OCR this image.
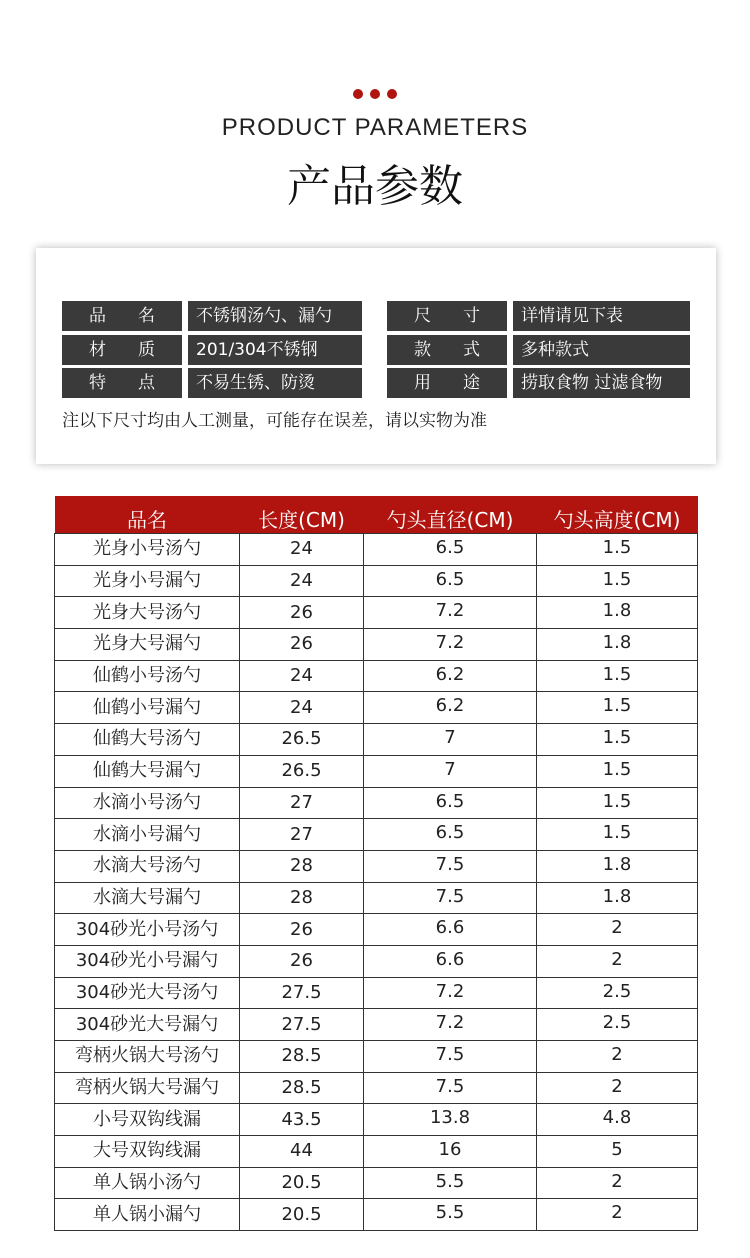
PRODUCT PARAMETERS
产品参数
品 名	不锈钢汤勺、漏勺	尺 寸	详情请见下表
材 质	201/304不锈钢	款 式	多种款式
特 点	不易生锈、防烫	用 途	捞取食物 过滤食物
注以下尺寸均由人工测量，可能存在误差，请以实物为准
品名	长度(CM)	勺头直径(CM)	勺头高度(CM)
光身小号汤勺	24	6.5	1.5
光身小号漏勺	24	6.5	1.5
光身大号汤勺	26	7.2	1.8
光身大号漏勺	26	7.2	1.8
仙鹤小号汤勺	24	6.2	1.5
仙鹤小号漏勺	24	6.2	1.5
仙鹤大号汤勺	26.5	7	1.5
仙鹤大号漏勺	26.5	7	1.5
水滴小号汤勺	27	6.5	1.5
水滴小号漏勺	27	6.5	1.5
水滴大号汤勺	28	7.5	1.8
水滴大号漏勺	28	7.5	1.8
304砂光小号汤勺	26	6.6	2
304砂光小号漏勺	26	6.6	2
304砂光大号汤勺	27.5	7.2	2.5
304砂光大号漏勺	27.5	7.2	2.5
弯柄火锅大号汤勺	28.5	7.5	2
弯柄火锅大号漏勺	28.5	7.5	2
小号双钩线漏	43.5	13.8	4.8
大号双钩线漏	44	16	5
单人锅小汤勺	20.5	5.5	2
单人锅小漏勺	20.5	5.5	2
